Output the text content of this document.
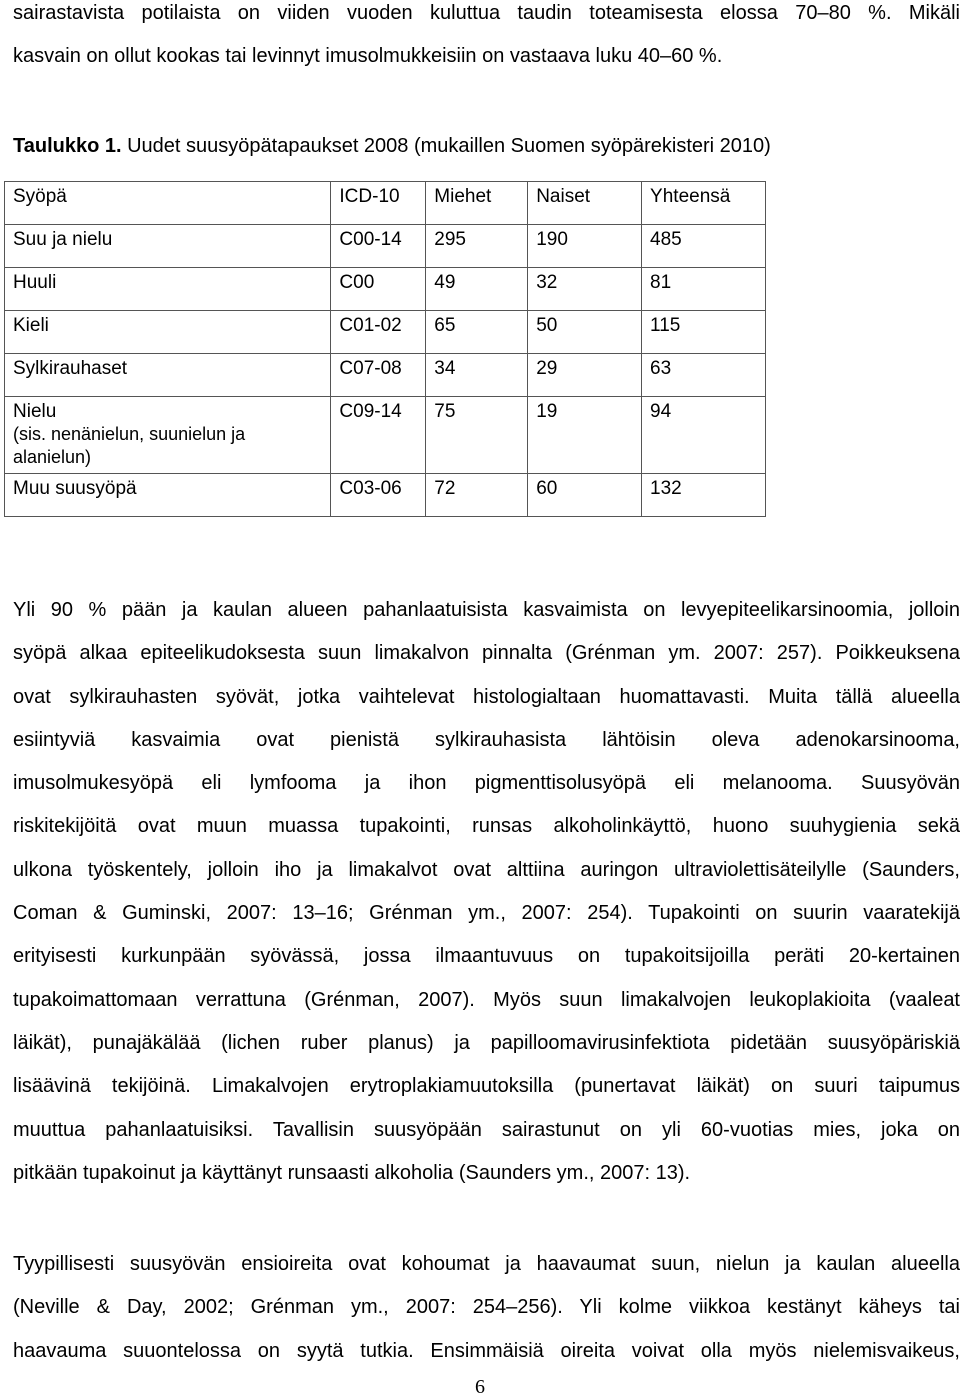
sairastavista potilaista on viiden vuoden kuluttua taudin toteamisesta elossa 70–80 %. Mikäli
kasvain on ollut kookas tai levinnyt imusolmukkeisiin on vastaava luku 40–60 %.

Taulukko 1. Uudet suusyöpätapaukset 2008 (mukaillen Suomen syöpärekisteri 2010)

Syöpä	ICD-10	Miehet	Naiset	Yhteensä
Suu ja nielu	C00-14	295	190	485
Huuli	C00	49	32	81
Kieli	C01-02	65	50	115
Sylkirauhaset	C07-08	34	29	63
Nielu
(sis. nenänielun, suunielun ja alanielun)	C09-14	75	19	94
Muu suusyöpä	C03-06	72	60	132
Yli 90 % pään ja kaulan alueen pahanlaatuisista kasvaimista on levyepiteelikarsinoomia, jolloin
syöpä alkaa epiteelikudoksesta suun limakalvon pinnalta (Grénman ym. 2007: 257). Poikkeuksena
ovat sylkirauhasten syövät, jotka vaihtelevat histologialtaan huomattavasti. Muita tällä alueella
esiintyviä kasvaimia ovat pienistä sylkirauhasista lähtöisin oleva adenokarsinooma,
imusolmukesyöpä eli lymfooma ja ihon pigmenttisolusyöpä eli melanooma. Suusyövän
riskitekijöitä ovat muun muassa tupakointi, runsas alkoholinkäyttö, huono suuhygienia sekä
ulkona työskentely, jolloin iho ja limakalvot ovat alttiina auringon ultraviolettisäteilylle (Saunders,
Coman & Guminski, 2007: 13–16; Grénman ym., 2007: 254). Tupakointi on suurin vaaratekijä
erityisesti kurkunpään syövässä, jossa ilmaantuvuus on tupakoitsijoilla peräti 20-kertainen
tupakoimattomaan verrattuna (Grénman, 2007). Myös suun limakalvojen leukoplakioita (vaaleat
läikät), punajäkälää (lichen ruber planus) ja papilloomavirusinfektiota pidetään suusyöpäriskiä
lisäävinä tekijöinä. Limakalvojen erytroplakiamuutoksilla (punertavat läikät) on suuri taipumus
muuttua pahanlaatuisiksi. Tavallisin suusyöpään sairastunut on yli 60-vuotias mies, joka on
pitkään tupakoinut ja käyttänyt runsaasti alkoholia (Saunders ym., 2007: 13).
Tyypillisesti suusyövän ensioireita ovat kohoumat ja haavaumat suun, nielun ja kaulan alueella
(Neville & Day, 2002; Grénman ym., 2007: 254–256). Yli kolme viikkoa kestänyt käheys tai
haavauma suuontelossa on syytä tutkia. Ensimmäisiä oireita voivat olla myös nielemisvaikeus,
6
